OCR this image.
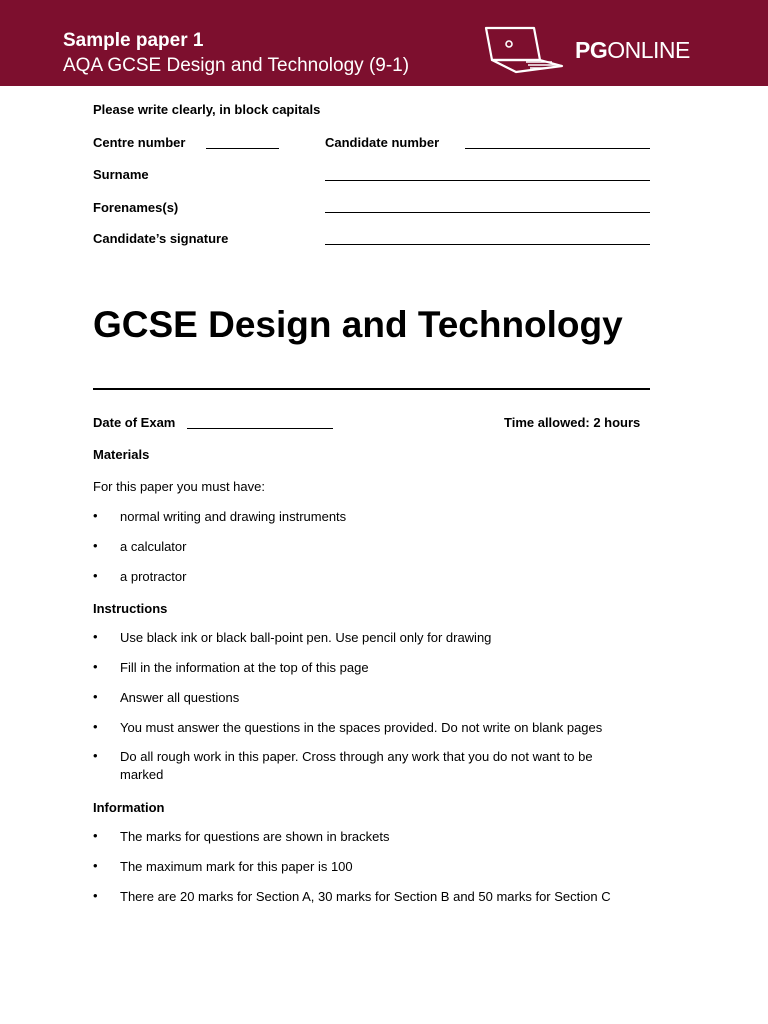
Sample paper 1
AQA GCSE Design and Technology (9-1)
PGONLINE
Please write clearly, in block capitals
Centre number	Candidate number
Surname
Forenames(s)
Candidate’s signature
GCSE Design and Technology
Date of Exam	Time allowed: 2 hours
Materials
For this paper you must have:
• normal writing and drawing instruments
• a calculator
• a protractor
Instructions
• Use black ink or black ball-point pen. Use pencil only for drawing
• Fill in the information at the top of this page
• Answer all questions
• You must answer the questions in the spaces provided. Do not write on blank pages
• Do all rough work in this paper. Cross through any work that you do not want to be marked
Information
• The marks for questions are shown in brackets
• The maximum mark for this paper is 100
• There are 20 marks for Section A, 30 marks for Section B and 50 marks for Section C
